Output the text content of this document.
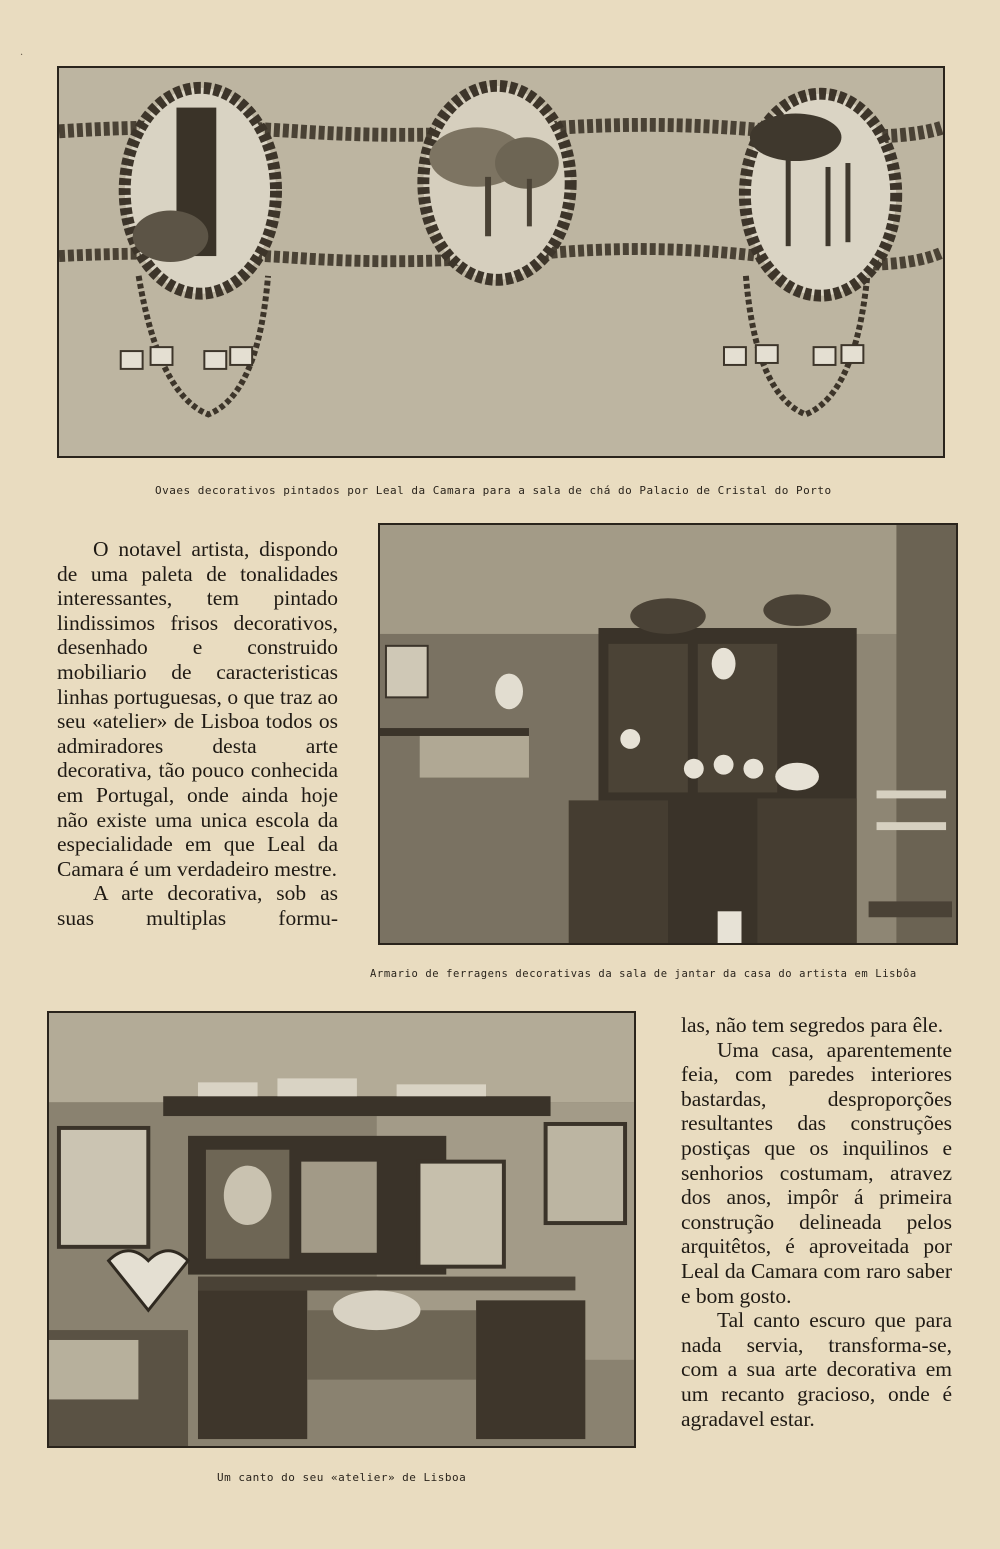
·

Ovaes decorativos pintados por Leal da Camara para a sala de chá do Palacio de Cristal do Porto

Armario de ferragens decorativas da sala de jantar da casa do artista em Lisbôa

O notavel artista, dispondo de uma paleta de tonalidades interessantes, tem pintado lindissimos frisos decorativos, desenhado e construido mobiliario de caracteristicas linhas portuguesas, o que traz ao seu «atelier» de Lisboa todos os admiradores desta arte decorativa, tão pouco conhecida em Portugal, onde ainda hoje não existe uma unica escola da especialidade em que Leal da Camara é um verdadeiro mestre.

A arte decorativa, sob as suas multiplas formu-

Um canto do seu «atelier» de Lisboa

las, não tem segredos para êle.

Uma casa, aparentemente feia, com paredes interiores bastardas, desproporções resultantes das construções postiças que os inquilinos e senhorios costumam, atravez dos anos, impôr á primeira construção delineada pelos arquitêtos, é aproveitada por Leal da Camara com raro saber e bom gosto.

Tal canto escuro que para nada servia, transforma-se, com a sua arte decorativa em um recanto gracioso, onde é agradavel estar.
